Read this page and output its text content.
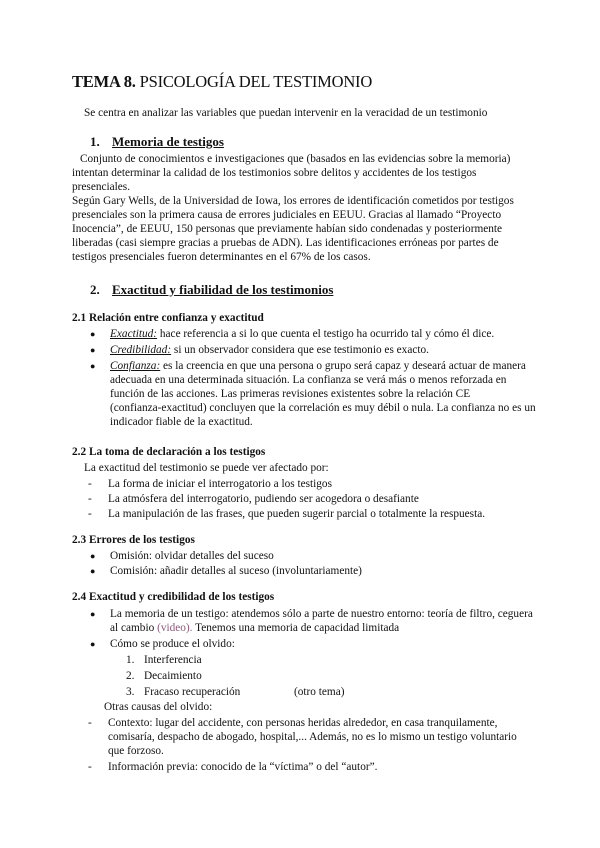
TEMA 8. PSICOLOGÍA DEL TESTIMONIO
Se centra en analizar las variables que puedan intervenir en la veracidad de un testimonio
1. Memoria de testigos
Conjunto de conocimientos e investigaciones que (basados en las evidencias sobre la memoria)
intentan determinar la calidad de los testimonios sobre delitos y accidentes de los testigos
presenciales.
Según Gary Wells, de la Universidad de Iowa, los errores de identificación cometidos por testigos
presenciales son la primera causa de errores judiciales en EEUU. Gracias al llamado “Proyecto
Inocencia”, de EEUU, 150 personas que previamente habían sido condenadas y posteriormente
liberadas (casi siempre gracias a pruebas de ADN). Las identificaciones erróneas por partes de
testigos presenciales fueron determinantes en el 67% de los casos.
2. Exactitud y fiabilidad de los testimonios
2.1 Relación entre confianza y exactitud
● Exactitud: hace referencia a si lo que cuenta el testigo ha ocurrido tal y cómo él dice.
● Credibilidad: si un observador considera que ese testimonio es exacto.
● Confianza: es la creencia en que una persona o grupo será capaz y deseará actuar de manera
adecuada en una determinada situación. La confianza se verá más o menos reforzada en
función de las acciones. Las primeras revisiones existentes sobre la relación CE
(confianza-exactitud) concluyen que la correlación es muy débil o nula. La confianza no es un
indicador fiable de la exactitud.
2.2 La toma de declaración a los testigos
La exactitud del testimonio se puede ver afectado por:
- La forma de iniciar el interrogatorio a los testigos
- La atmósfera del interrogatorio, pudiendo ser acogedora o desafiante
- La manipulación de las frases, que pueden sugerir parcial o totalmente la respuesta.
2.3 Errores de los testigos
● Omisión: olvidar detalles del suceso
● Comisión: añadir detalles al suceso (involuntariamente)
2.4 Exactitud y credibilidad de los testigos
● La memoria de un testigo: atendemos sólo a parte de nuestro entorno: teoría de filtro, ceguera
al cambio (video). Tenemos una memoria de capacidad limitada
● Cómo se produce el olvido:
1. Interferencia
2. Decaimiento
3. Fracaso recuperación	(otro tema)
Otras causas del olvido:
- Contexto: lugar del accidente, con personas heridas alrededor, en casa tranquilamente,
comisaría, despacho de abogado, hospital,... Además, no es lo mismo un testigo voluntario
que forzoso.
- Información previa: conocido de la “víctima” o del “autor”.
